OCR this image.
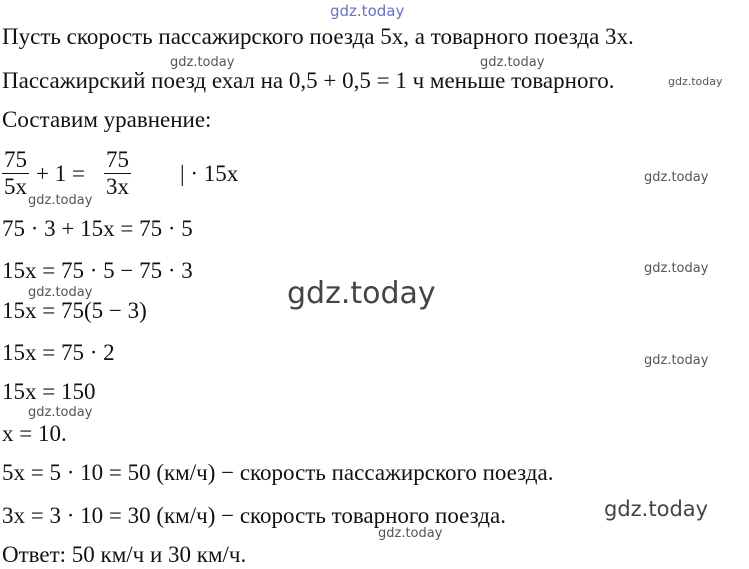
Пусть скорость пассажирского поезда 5x, а товарного поезда 3x.
Пассажирский поезд ехал на 0,5 + 0,5 = 1 ч меньше товарного.
Составим уравнение:
$\frac{75}{5x} + 1 = \frac{75}{3x}$ | · 15x
75 · 3 + 15x = 75 · 5
15x = 75 · 5 − 75 · 3
15x = 75(5 − 3)
15x = 75 · 2
15x = 150
x = 10.
5x = 5 · 10 = 50 (км/ч) − скорость пассажирского поезда.
3x = 3 · 10 = 30 (км/ч) − скорость товарного поезда.
Ответ: 50 км/ч и 30 км/ч.
gdz.today
gdz.today	gdz.today
gdz.today
gdz.today
gdz.today
gdz.today
gdz.today
gdz.today
gdz.today
gdz.today
gdz.today
gdz.today
